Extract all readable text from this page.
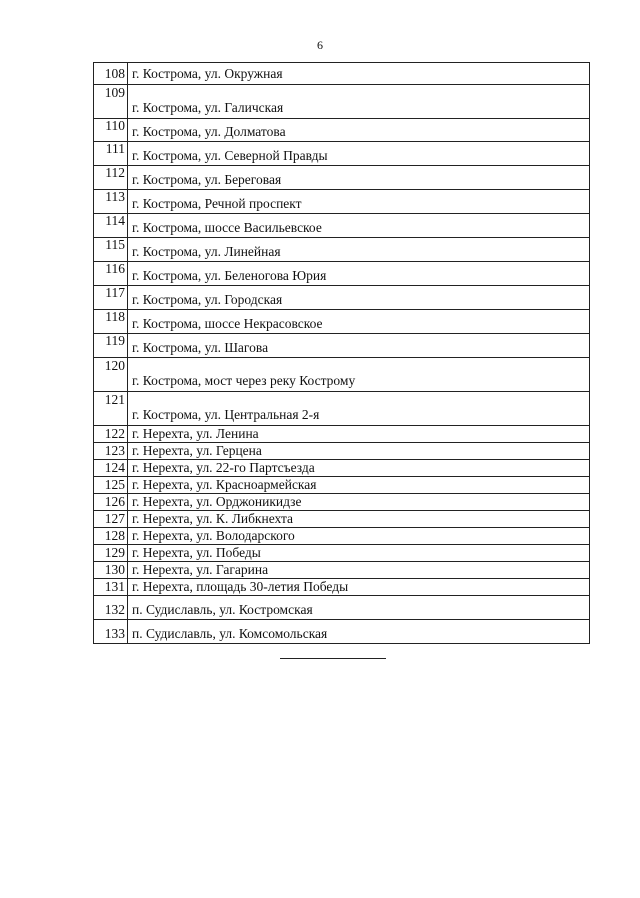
6
108	г. Кострома, ул. Окружная
109	г. Кострома, ул. Галичская
110	г. Кострома, ул. Долматова
111	г. Кострома, ул. Северной Правды
112	г. Кострома, ул. Береговая
113	г. Кострома, Речной проспект
114	г. Кострома, шоссе Васильевское
115	г. Кострома, ул. Линейная
116	г. Кострома, ул. Беленогова Юрия
117	г. Кострома, ул. Городская
118	г. Кострома, шоссе Некрасовское
119	г. Кострома, ул. Шагова
120	г. Кострома, мост через реку Кострому
121	г. Кострома, ул. Центральная 2-я
122	г. Нерехта, ул. Ленина
123	г. Нерехта, ул. Герцена
124	г. Нерехта, ул. 22-го Партсъезда
125	г. Нерехта, ул. Красноармейская
126	г. Нерехта, ул. Орджоникидзе
127	г. Нерехта, ул. К. Либкнехта
128	г. Нерехта, ул. Володарского
129	г. Нерехта, ул. Победы
130	г. Нерехта, ул. Гагарина
131	г. Нерехта, площадь 30-летия Победы
132	п. Судиславль, ул. Костромская
133	п. Судиславль, ул. Комсомольская
